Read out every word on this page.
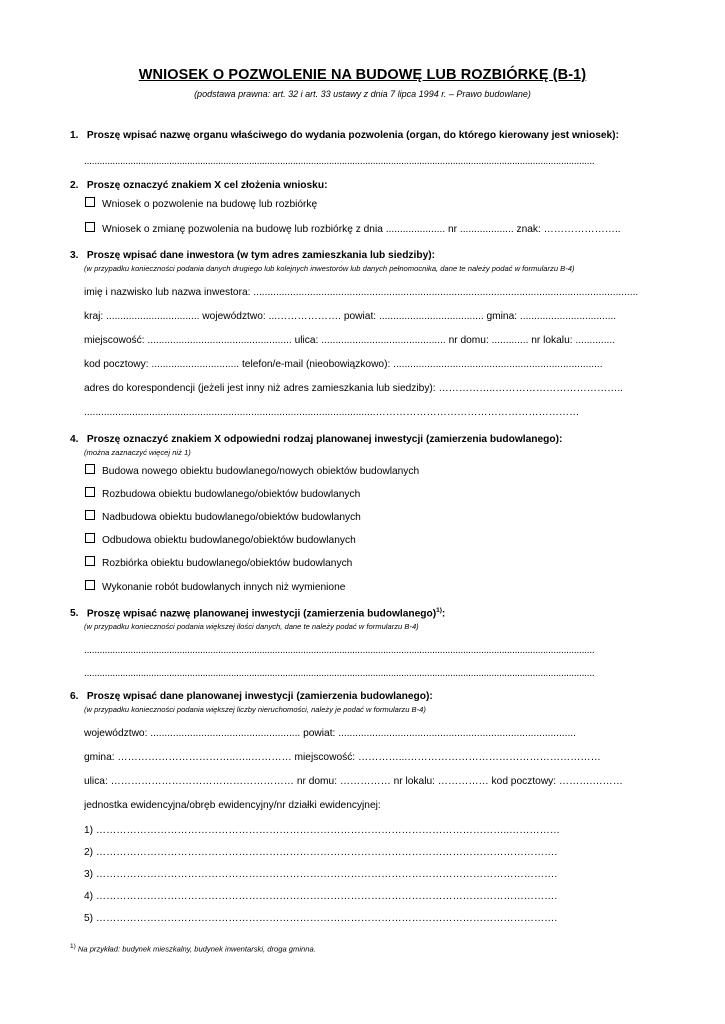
WNIOSEK O POZWOLENIE NA BUDOWĘ LUB ROZBIÓRKĘ (B-1)
(podstawa prawna: art. 32 i art. 33 ustawy z dnia 7 lipca 1994 r. – Prawo budowlane)
1. Proszę wpisać nazwę organu właściwego do wydania pozwolenia (organ, do którego kierowany jest wniosek):
......................................................................................................................................................................................................
2. Proszę oznaczyć znakiem X cel złożenia wniosku:
Wniosek o pozwolenie na budowę lub rozbiórkę
Wniosek o zmianę pozwolenia na budowę lub rozbiórkę z dnia ..................... nr ................... znak: …………………..
3. Proszę wpisać dane inwestora (w tym adres zamieszkania lub siedziby):
(w przypadku konieczności podania danych drugiego lub kolejnych inwestorów lub danych pełnomocnika, dane te należy podać w formularzu B-4)
imię i nazwisko lub nazwa inwestora: ........................................................................................................................................
kraj: ................................. województwo: ...………………. powiat: ..................................... gmina: ..................................
miejscowość: ................................................... ulica: ............................................ nr domu: ............. nr lokalu: ..............
kod pocztowy: ............................... telefon/e-mail (nieobowiązkowo): ..........................................................................
adres do korespondencji (jeżeli jest inny niż adres zamieszkania lub siedziby): ……………..………………………………..
.......................................................................................................……………………………………………………
4. Proszę oznaczyć znakiem X odpowiedni rodzaj planowanej inwestycji (zamierzenia budowlanego):
(można zaznaczyć więcej niż 1)
Budowa nowego obiektu budowlanego/nowych obiektów budowlanych
Rozbudowa obiektu budowlanego/obiektów budowlanych
Nadbudowa obiektu budowlanego/obiektów budowlanych
Odbudowa obiektu budowlanego/obiektów budowlanych
Rozbiórka obiektu budowlanego/obiektów budowlanych
Wykonanie robót budowlanych innych niż wymienione
5. Proszę wpisać nazwę planowanej inwestycji (zamierzenia budowlanego)$^{1)}$:
(w przypadku konieczności podania większej ilości danych, dane te należy podać w formularzu B-4)
......................................................................................................................................................................................................
......................................................................................................................................................................................................
6. Proszę wpisać dane planowanej inwestycji (zamierzenia budowlanego):
(w przypadku konieczności podania większej liczby nieruchomości, należy je podać w formularzu B-4)
województwo: ..................................................... powiat: ....................................................................................
gmina: ……………………………..…..………… miejscowość: …………...…………………………………………………
ulica: ……………………………………………… nr domu: …………… nr lokalu: …………… kod pocztowy: ……….………
jednostka ewidencyjna/obręb ewidencyjny/nr działki ewidencyjnej:
1) …………………………………………………………………………………………………………..……………
2) ……………………………………………………………………………………………………………………….
3) ……………………………………………………………………………………………………………………….
4) ……………………………………………………………………………………………………………………….
5) ……………………………………………………………………………………………………………………….
$^{1)}$ Na przykład: budynek mieszkalny, budynek inwentarski, droga gminna.
